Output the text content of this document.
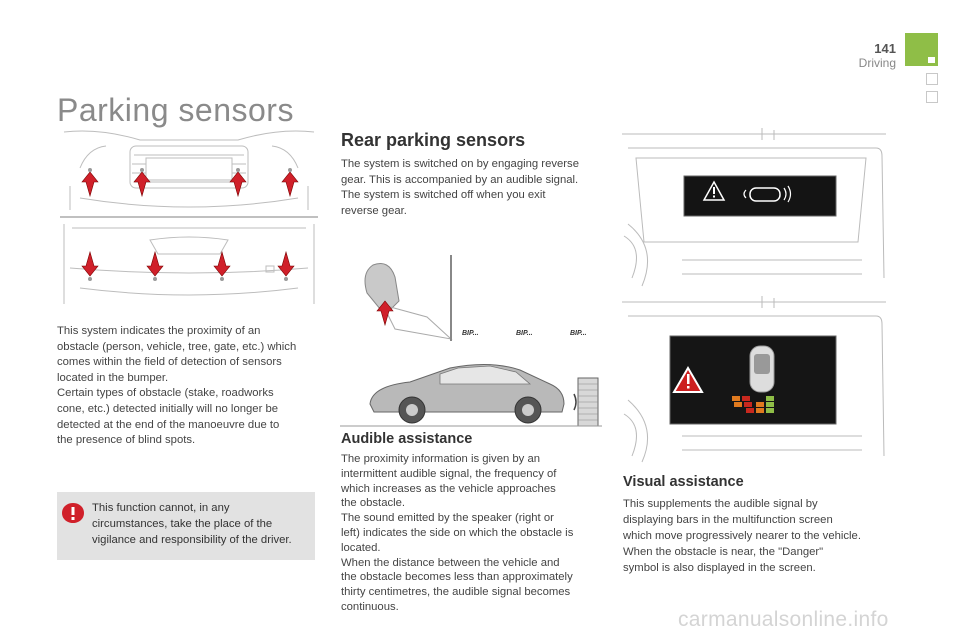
141
Driving
Parking sensors
This system indicates the proximity of an
obstacle (person, vehicle, tree, gate, etc.) which
comes within the field of detection of sensors
located in the bumper.
Certain types of obstacle (stake, roadworks
cone, etc.) detected initially will no longer be
detected at the end of the manoeuvre due to
the presence of blind spots.
This function cannot, in any
circumstances, take the place of the
vigilance and responsibility of the driver.
Rear parking sensors
The system is switched on by engaging reverse
gear. This is accompanied by an audible signal.
The system is switched off when you exit
reverse gear.
BIP...	BIP...	BIP...
Audible assistance
The proximity information is given by an
intermittent audible signal, the frequency of
which increases as the vehicle approaches
the obstacle.
The sound emitted by the speaker (right or
left) indicates the side on which the obstacle is
located.
When the distance between the vehicle and
the obstacle becomes less than approximately
thirty centimetres, the audible signal becomes
continuous.
Visual assistance
This supplements the audible signal by
displaying bars in the multifunction screen
which move progressively nearer to the vehicle.
When the obstacle is near, the "Danger"
symbol is also displayed in the screen.
carmanualsonline.info
